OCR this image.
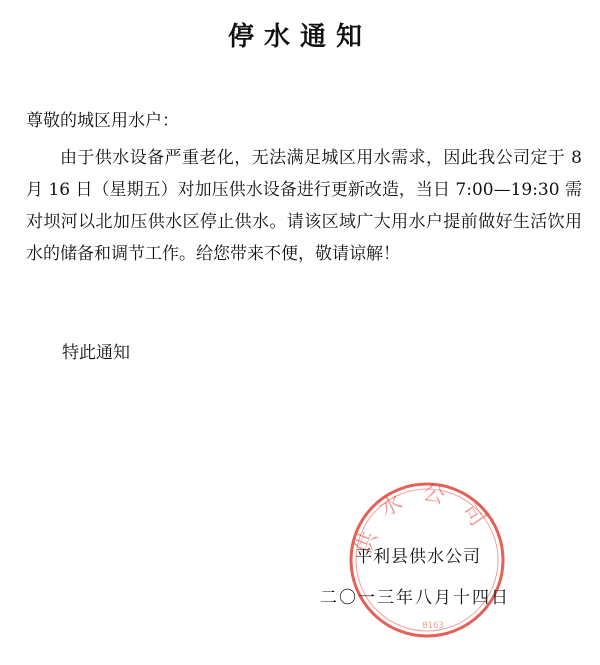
停水通知
尊敬的城区用水户：
由于供水设备严重老化，无法满足城区用水需求，因此我公司定于 8 月 16 日（星期五）对加压供水设备进行更新改造，当日 7:00—19:30 需对坝河以北加压供水区停止供水。请该区域广大用水户提前做好生活饮用水的储备和调节工作。给您带来不便，敬请谅解！
特此通知
供水公司
0163
平利县供水公司
二〇一三年八月十四日
